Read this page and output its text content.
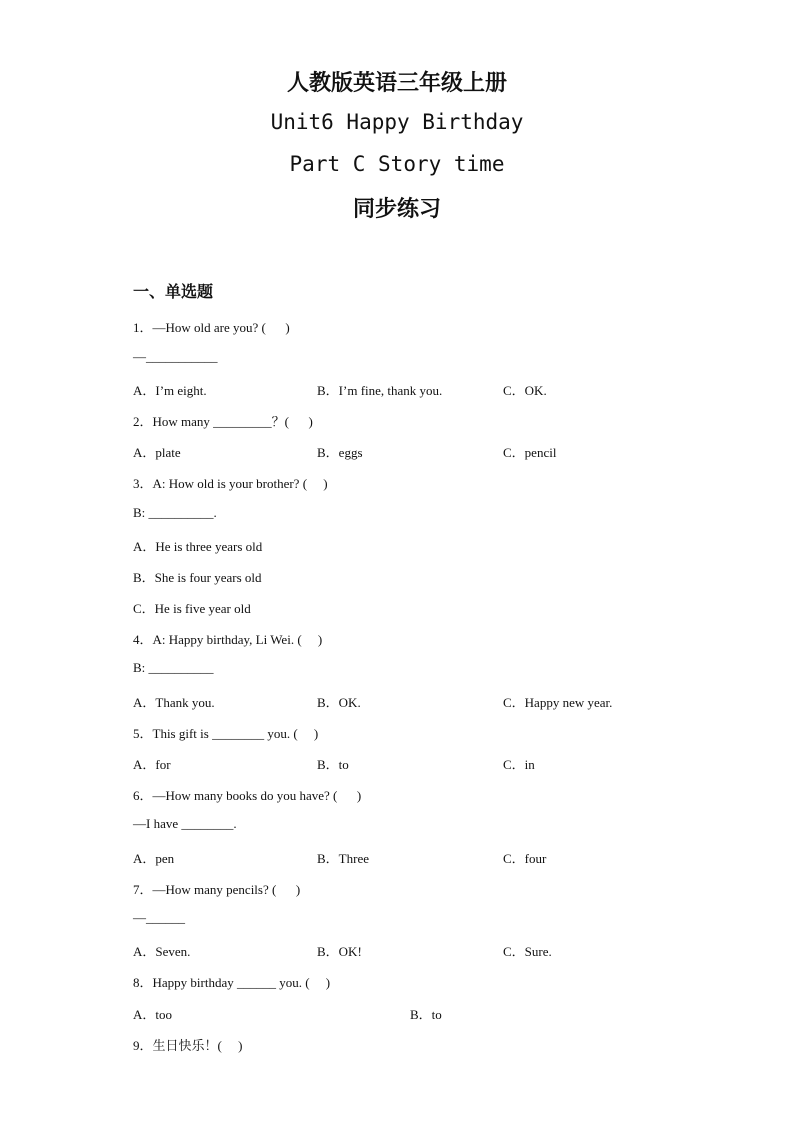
人教版英语三年级上册
Unit6 Happy Birthday
Part C Story time
同步练习
一、单选题
1．—How old are you? (      )
—___________
A．I’m eight.	B．I’m fine, thank you.	C．OK.
2．How many _________？(      )
A．plate	B．eggs	C．pencil
3．A: How old is your brother? (     )
B: __________.
A．He is three years old
B．She is four years old
C．He is five year old
4．A: Happy birthday, Li Wei. (     )
B: __________
A．Thank you.	B．OK.	C．Happy new year.
5．This gift is ________ you. (     )
A．for	B．to	C．in
6．—How many books do you have? (      )
—I have ________.
A．pen	B．Three	C．four
7．—How many pencils? (      )
—______
A．Seven.	B．OK!	C．Sure.
8．Happy birthday ______ you. (     )
A．too	B．to
9．生日快乐！(     )
